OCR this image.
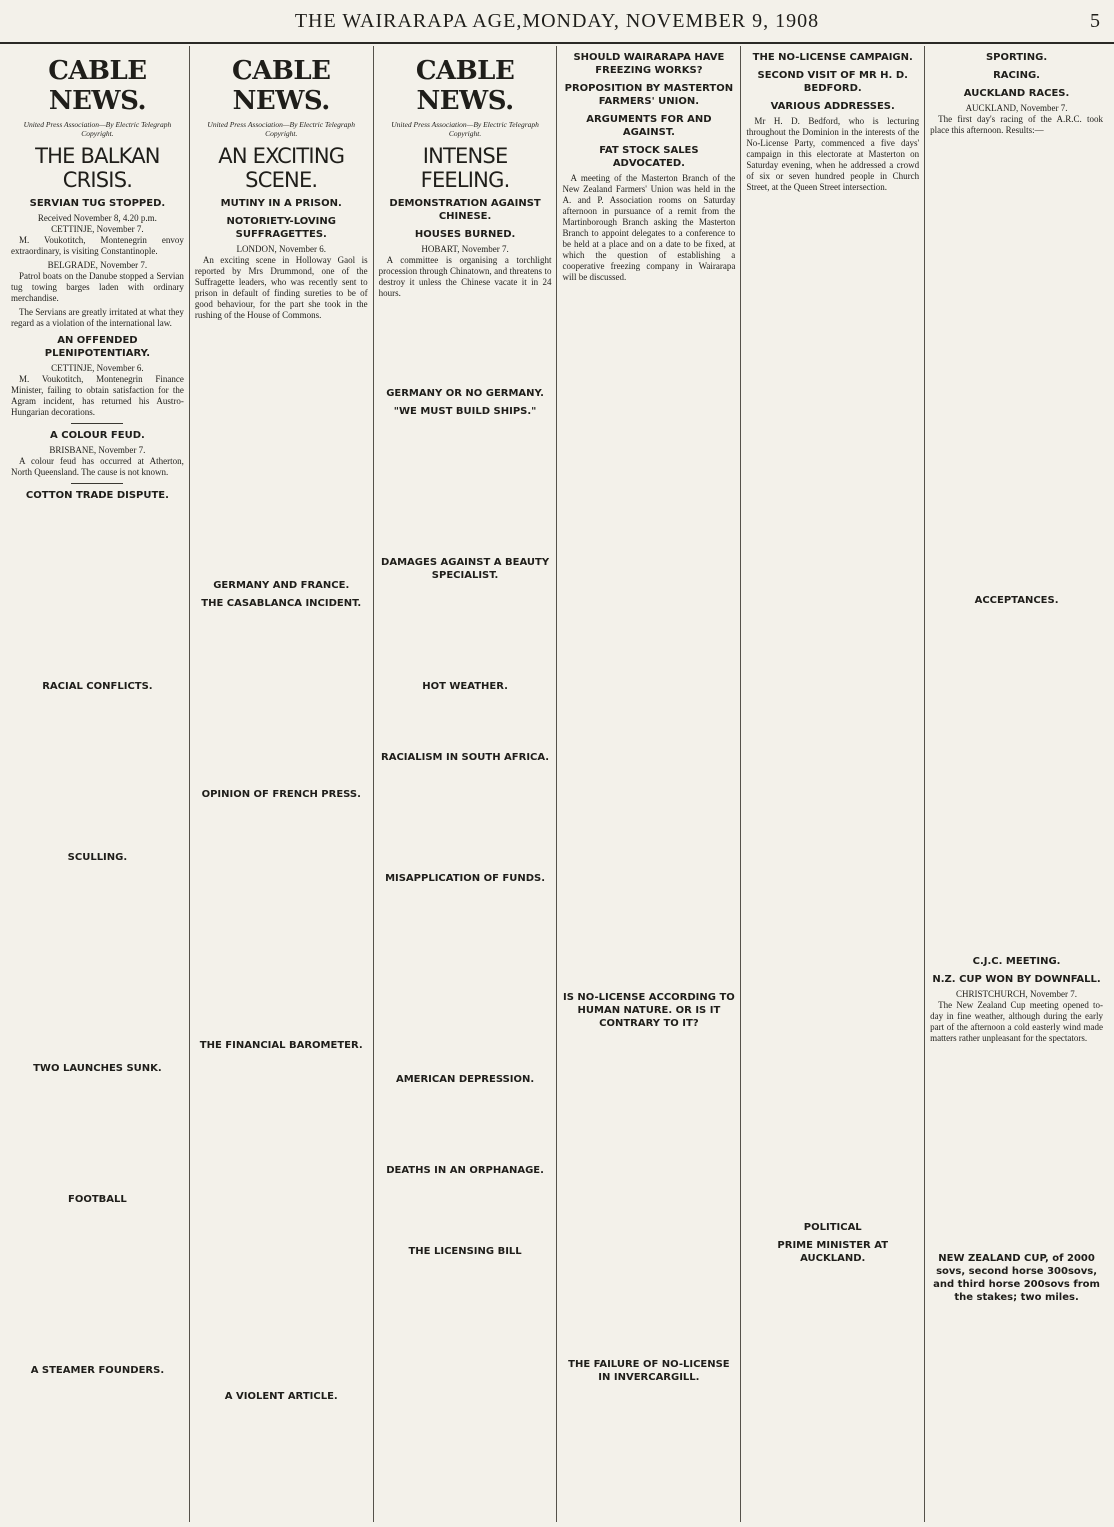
THE WAIRARAPA AGE,MONDAY, NOVEMBER 9, 1908	5
CABLE NEWS.
United Press Association—By Electric Telegraph Copyright.
THE BALKAN CRISIS.
SERVIAN TUG STOPPED.
Received November 8, 4.20 p.m.
CETTINJE, November 7.

M. Voukotitch, Montenegrin envoy extraordinary, is visiting Constantinople.

BELGRADE, November 7.

Patrol boats on the Danube stopped a Servian tug towing barges laden with ordinary merchandise.

The Servians are greatly irritated at what they regard as a violation of the international law.

AN OFFENDED PLENIPOTENTIARY.
CETTINJE, November 6.

M. Voukotitch, Montenegrin Finance Minister, failing to obtain satisfaction for the Agram incident, has returned his Austro-Hungarian decorations.

A COLOUR FEUD.
BRISBANE, November 7.

A colour feud has occurred at Atherton, North Queensland. The cause is not known.

COTTON TRADE DISPUTE.
RACIAL CONFLICTS.
SCULLING.
TWO LAUNCHES SUNK.
FOOTBALL
A STEAMER FOUNDERS.
CABLE NEWS.
United Press Association—By Electric Telegraph Copyright.
AN EXCITING SCENE.
MUTINY IN A PRISON.
NOTORIETY-LOVING SUFFRAGETTES.
LONDON, November 6.

An exciting scene in Holloway Gaol is reported by Mrs Drummond, one of the Suffragette leaders, who was recently sent to prison in default of finding sureties to be of good behaviour, for the part she took in the rushing of the House of Commons.

GERMANY AND FRANCE.
THE CASABLANCA INCIDENT.
OPINION OF FRENCH PRESS.
THE FINANCIAL BAROMETER.
A VIOLENT ARTICLE.
CABLE NEWS.
United Press Association—By Electric Telegraph Copyright.
INTENSE FEELING.
DEMONSTRATION AGAINST CHINESE.
HOUSES BURNED.
HOBART, November 7.

A committee is organising a torchlight procession through Chinatown, and threatens to destroy it unless the Chinese vacate it in 24 hours.

GERMANY OR NO GERMANY.
"WE MUST BUILD SHIPS."
DAMAGES AGAINST A BEAUTY SPECIALIST.
HOT WEATHER.
RACIALISM IN SOUTH AFRICA.
MISAPPLICATION OF FUNDS.
AMERICAN DEPRESSION.
DEATHS IN AN ORPHANAGE.
THE LICENSING BILL
SHOULD WAIRARAPA HAVE FREEZING WORKS?
PROPOSITION BY MASTERTON FARMERS' UNION.
ARGUMENTS FOR AND AGAINST.
FAT STOCK SALES ADVOCATED.

A meeting of the Masterton Branch of the New Zealand Farmers' Union was held in the A. and P. Association rooms on Saturday afternoon in pursuance of a remit from the Martinborough Branch asking the Masterton Branch to appoint delegates to a conference to be held at a place and on a date to be fixed, at which the question of establishing a cooperative freezing company in Wairarapa will be discussed.

IS NO-LICENSE ACCORDING TO HUMAN NATURE. OR IS IT CONTRARY TO IT?
THE FAILURE OF NO-LICENSE IN INVERCARGILL.
THE NO-LICENSE CAMPAIGN.
SECOND VISIT OF MR H. D. BEDFORD.
VARIOUS ADDRESSES.

Mr H. D. Bedford, who is lecturing throughout the Dominion in the interests of the No-License Party, commenced a five days' campaign in this electorate at Masterton on Saturday evening, when he addressed a crowd of six or seven hundred people in Church Street, at the Queen Street intersection.

POLITICAL
PRIME MINISTER AT AUCKLAND.
SPORTING.
RACING.
AUCKLAND RACES.
AUCKLAND, November 7.

The first day's racing of the A.R.C. took place this afternoon. Results:—

ACCEPTANCES.
C.J.C. MEETING.
N.Z. CUP WON BY DOWNFALL.
CHRISTCHURCH, November 7.

The New Zealand Cup meeting opened to-day in fine weather, although during the early part of the afternoon a cold easterly wind made matters rather unpleasant for the spectators.

NEW ZEALAND CUP, of 2000 sovs, second horse 300sovs, and third horse 200sovs from the stakes; two miles.
